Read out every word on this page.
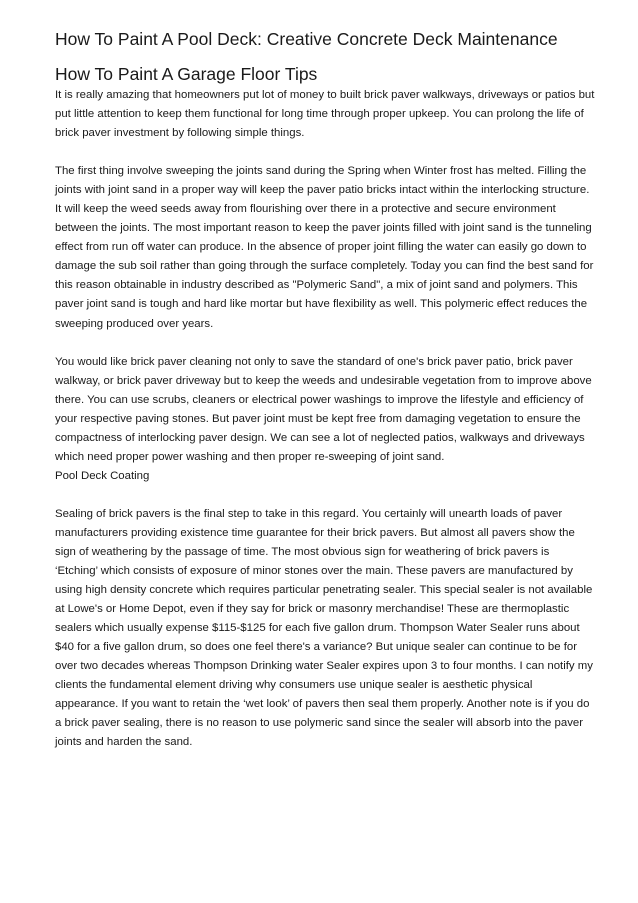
How To Paint A Pool Deck: Creative Concrete Deck Maintenance
How To Paint A Garage Floor Tips

It is really amazing that homeowners put lot of money to built brick paver walkways, driveways or patios but put little attention to keep them functional for long time through proper upkeep. You can prolong the life of brick paver investment by following simple things.

The first thing involve sweeping the joints sand during the Spring when Winter frost has melted. Filling the joints with joint sand in a proper way will keep the paver patio bricks intact within the interlocking structure. It will keep the weed seeds away from flourishing over there in a protective and secure environment between the joints. The most important reason to keep the paver joints filled with joint sand is the tunneling effect from run off water can produce. In the absence of proper joint filling the water can easily go down to damage the sub soil rather than going through the surface completely. Today you can find the best sand for this reason obtainable in industry described as "Polymeric Sand", a mix of joint sand and polymers. This paver joint sand is tough and hard like mortar but have flexibility as well. This polymeric effect reduces the sweeping produced over years.

You would like brick paver cleaning not only to save the standard of one's brick paver patio, brick paver walkway, or brick paver driveway but to keep the weeds and undesirable vegetation from to improve above there. You can use scrubs, cleaners or electrical power washings to improve the lifestyle and efficiency of your respective paving stones. But paver joint must be kept free from damaging vegetation to ensure the compactness of interlocking paver design. We can see a lot of neglected patios, walkways and driveways which need proper power washing and then proper re-sweeping of joint sand.

Pool Deck Coating

Sealing of brick pavers is the final step to take in this regard. You certainly will unearth loads of paver manufacturers providing existence time guarantee for their brick pavers. But almost all pavers show the sign of weathering by the passage of time. The most obvious sign for weathering of brick pavers is ‘Etching’ which consists of exposure of minor stones over the main. These pavers are manufactured by using high density concrete which requires particular penetrating sealer. This special sealer is not available at Lowe's or Home Depot, even if they say for brick or masonry merchandise! These are thermoplastic sealers which usually expense $115-$125 for each five gallon drum. Thompson Water Sealer runs about $40 for a five gallon drum, so does one feel there's a variance? But unique sealer can continue to be for over two decades whereas Thompson Drinking water Sealer expires upon 3 to four months. I can notify my clients the fundamental element driving why consumers use unique sealer is aesthetic physical appearance. If you want to retain the ‘wet look’ of pavers then seal them properly. Another note is if you do a brick paver sealing, there is no reason to use polymeric sand since the sealer will absorb into the paver joints and harden the sand.
